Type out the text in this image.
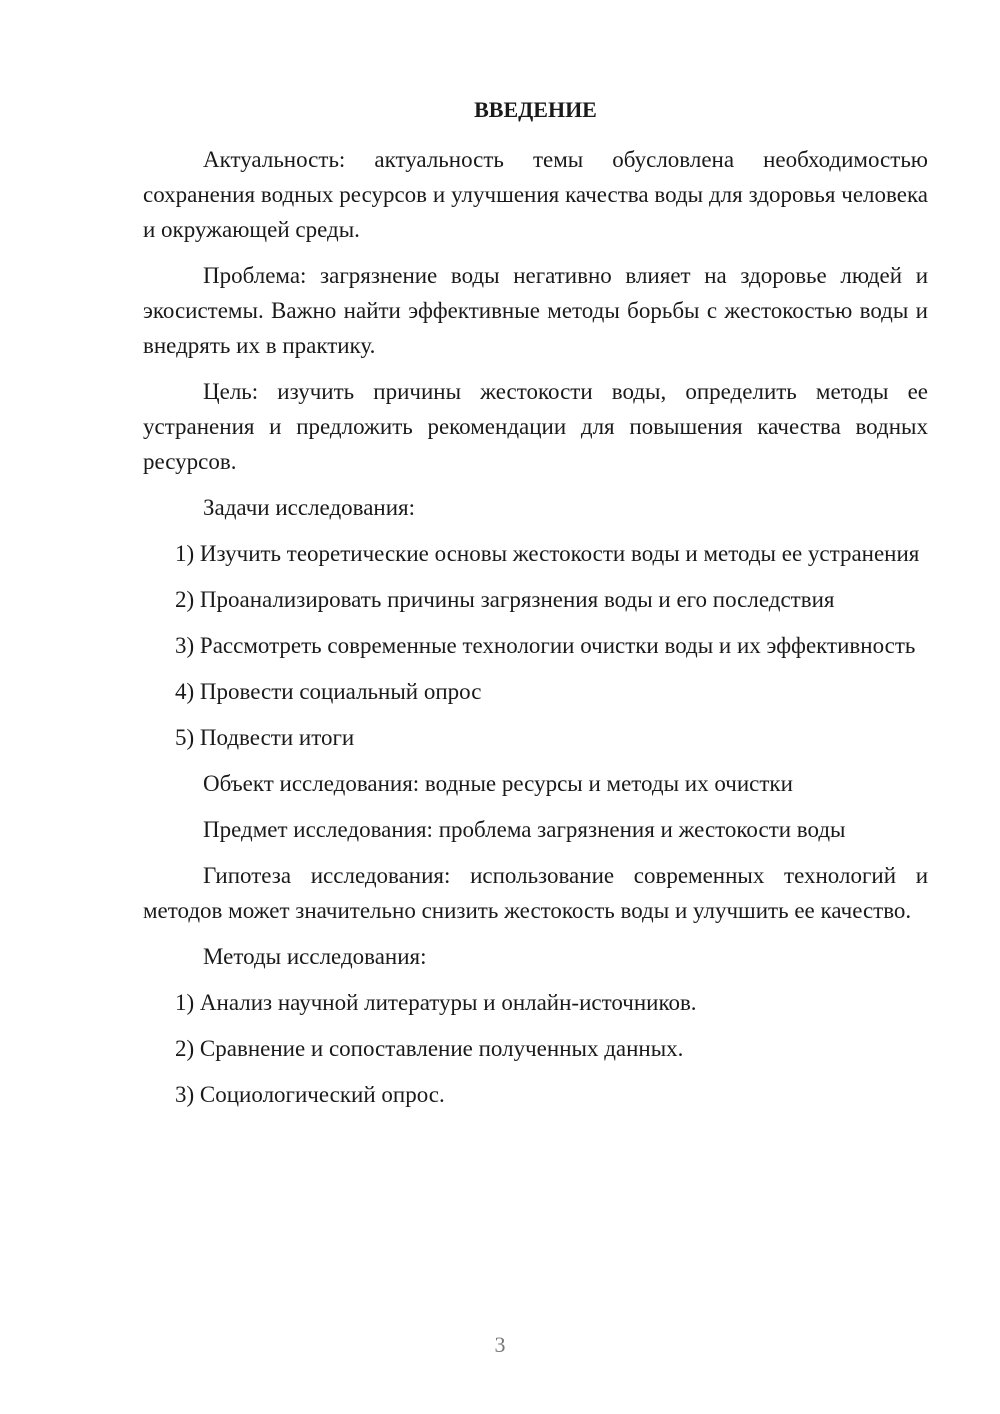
ВВЕДЕНИЕ

Актуальность: актуальность темы обусловлена необходимостью сохранения водных ресурсов и улучшения качества воды для здоровья человека и окружающей среды.

Проблема: загрязнение воды негативно влияет на здоровье людей и экосистемы. Важно найти эффективные методы борьбы с жестокостью воды и внедрять их в практику.

Цель: изучить причины жестокости воды, определить методы ее устранения и предложить рекомендации для повышения качества водных ресурсов.

Задачи исследования:

1) Изучить теоретические основы жестокости воды и методы ее устранения

2) Проанализировать причины загрязнения воды и его последствия

3) Рассмотреть современные технологии очистки воды и их эффективность

4) Провести социальный опрос

5) Подвести итоги

Объект исследования: водные ресурсы и методы их очистки

Предмет исследования: проблема загрязнения и жестокости воды

Гипотеза исследования: использование современных технологий и методов может значительно снизить жестокость воды и улучшить ее качество.

Методы исследования:

1) Анализ научной литературы и онлайн-источников.

2) Сравнение и сопоставление полученных данных.

3) Социологический опрос.

3
